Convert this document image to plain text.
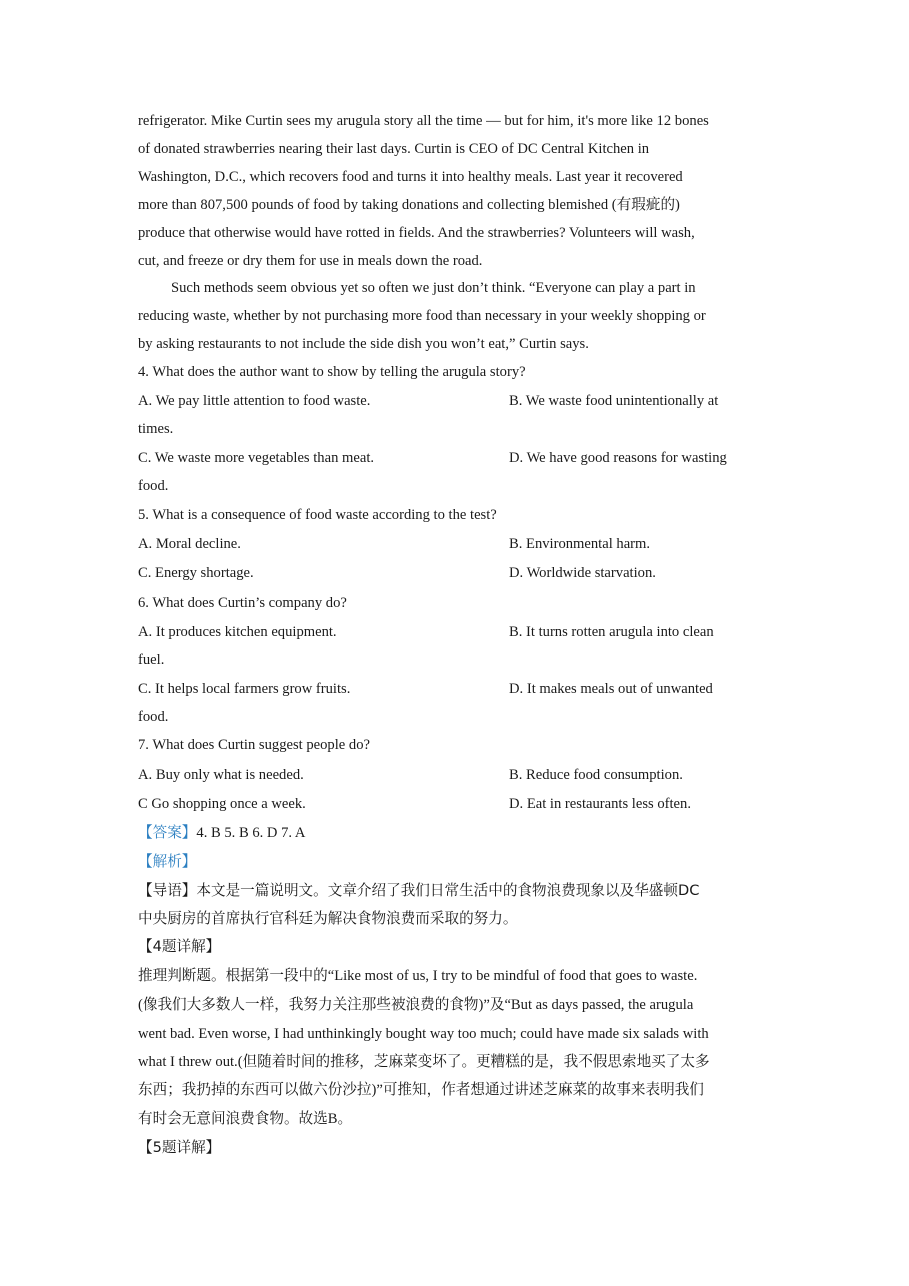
refrigerator. Mike Curtin sees my arugula story all the time — but for him, it's more like 12 bones
of donated strawberries nearing their last days. Curtin is CEO of DC Central Kitchen in
Washington, D.C., which recovers food and turns it into healthy meals. Last year it recovered
more than 807,500 pounds of food by taking donations and collecting blemished (有瑕疵的)
produce that otherwise would have rotted in fields. And the strawberries? Volunteers will wash,
cut, and freeze or dry them for use in meals down the road.
Such methods seem obvious yet so often we just don’t think. “Everyone can play a part in
reducing waste, whether by not purchasing more food than necessary in your weekly shopping or
by asking restaurants to not include the side dish you won’t eat,” Curtin says.
4. What does the author want to show by telling the arugula story?
A. We pay little attention to food waste.	B. We waste food unintentionally at
times.
C. We waste more vegetables than meat.	D. We have good reasons for wasting
food.
5. What is a consequence of food waste according to the test?
A. Moral decline.	B. Environmental harm.
C. Energy shortage.	D. Worldwide starvation.
6. What does Curtin’s company do?
A. It produces kitchen equipment.	B. It turns rotten arugula into clean
fuel.
C. It helps local farmers grow fruits.	D. It makes meals out of unwanted
food.
7. What does Curtin suggest people do?
A. Buy only what is needed.	B. Reduce food consumption.
C Go shopping once a week.	D. Eat in restaurants less often.
【答案】4. B 5. B 6. D 7. A
【解析】
【导语】本文是一篇说明文。文章介绍了我们日常生活中的食物浪费现象以及华盛顿DC
中央厨房的首席执行官科廷为解决食物浪费而采取的努力。
【4题详解】
推理判断题。根据第一段中的“Like most of us, I try to be mindful of food that goes to waste.
(像我们大多数人一样，我努力关注那些被浪费的食物)”及“But as days passed, the arugula
went bad. Even worse, I had unthinkingly bought way too much; could have made six salads with
what I threw out.(但随着时间的推移，芝麻菜变坏了。更糟糕的是，我不假思索地买了太多
东西；我扔掉的东西可以做六份沙拉)”可推知，作者想通过讲述芝麻菜的故事来表明我们
有时会无意间浪费食物。故选B。
【5题详解】
